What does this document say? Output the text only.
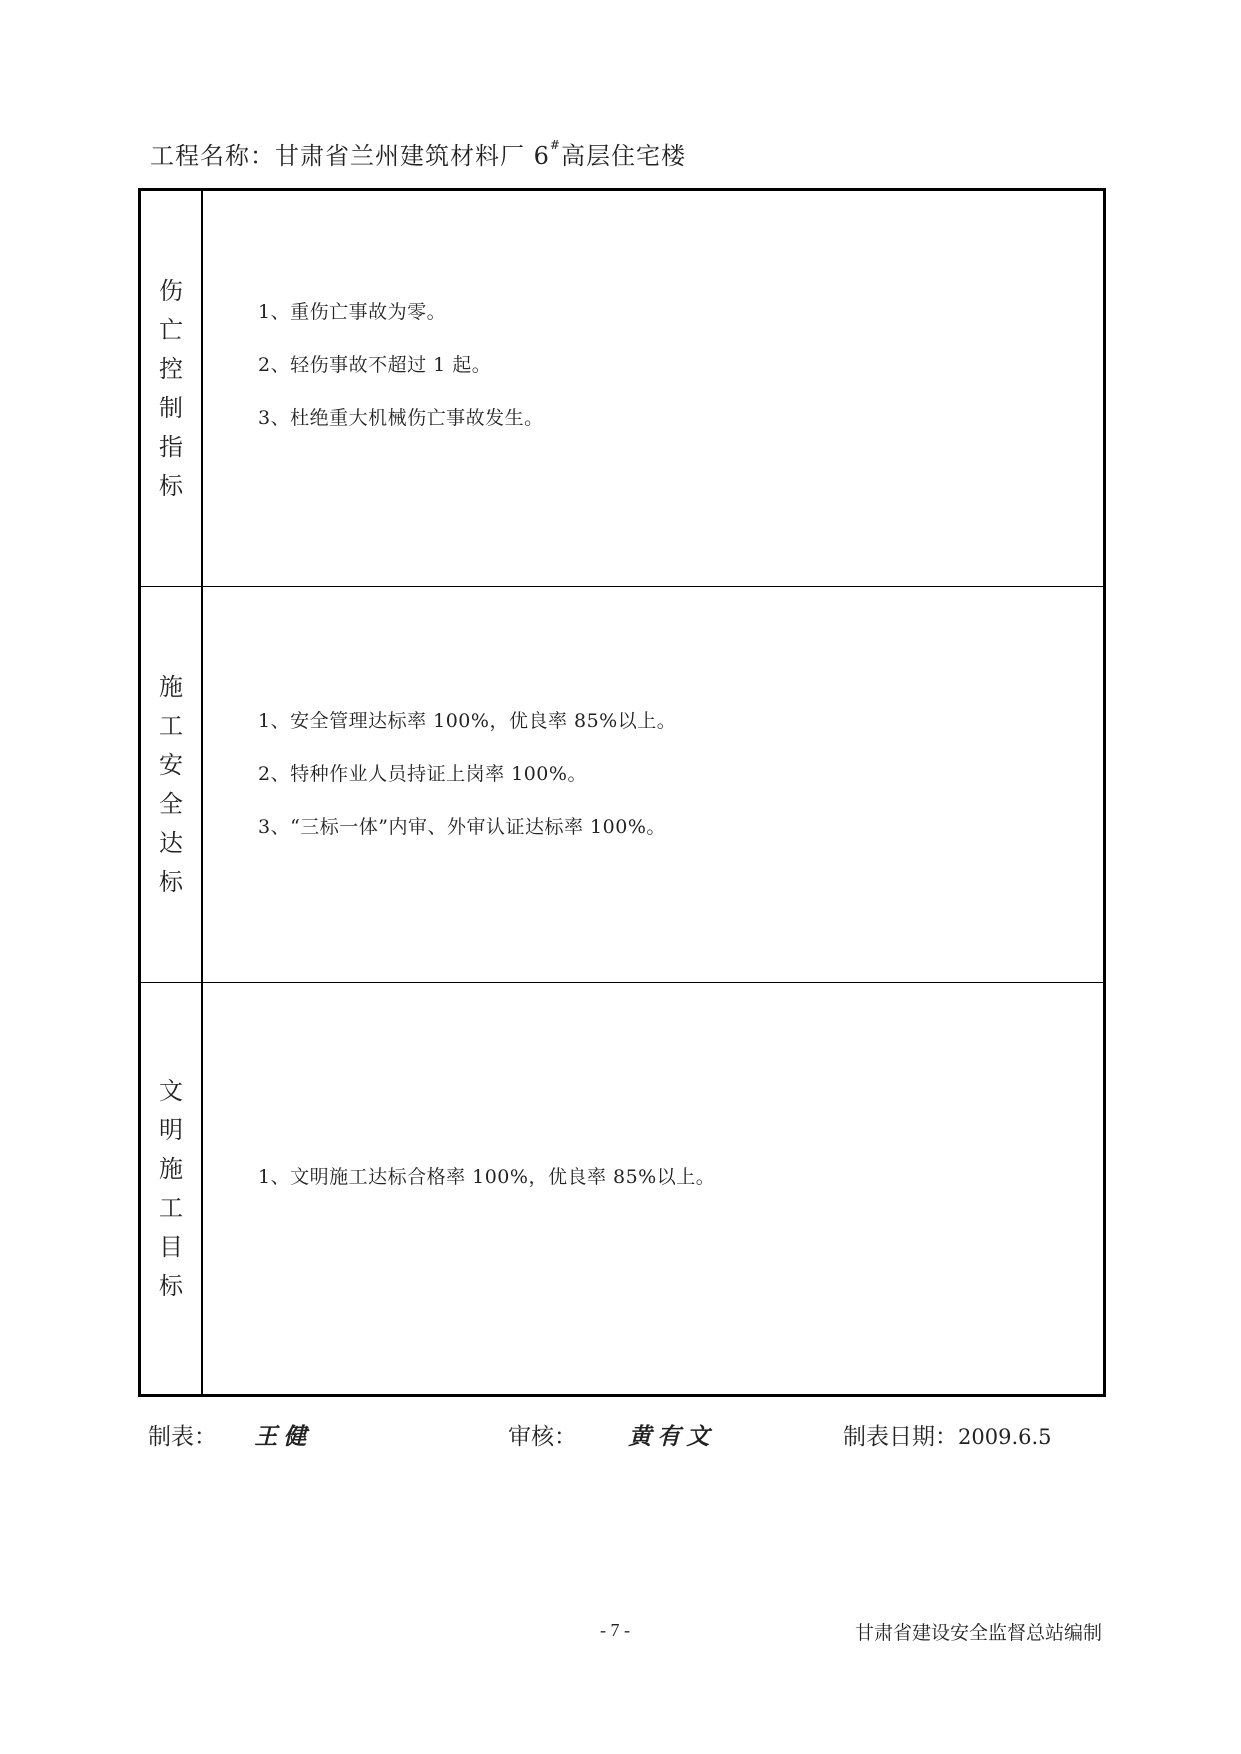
工程名称：甘肃省兰州建筑材料厂 6#高层住宅楼
伤亡控制指标
1、重伤亡事故为零。
2、轻伤事故不超过 1 起。
3、杜绝重大机械伤亡事故发生。
施工安全达标
1、安全管理达标率 100%，优良率 85%以上。
2、特种作业人员持证上岗率 100%。
3、“三标一体”内审、外审认证达标率 100%。
文明施工目标
1、文明施工达标合格率 100%，优良率 85%以上。
制表： 王健	审核： 黄有文	制表日期：2009.6.5
- 7 -	甘肃省建设安全监督总站编制
